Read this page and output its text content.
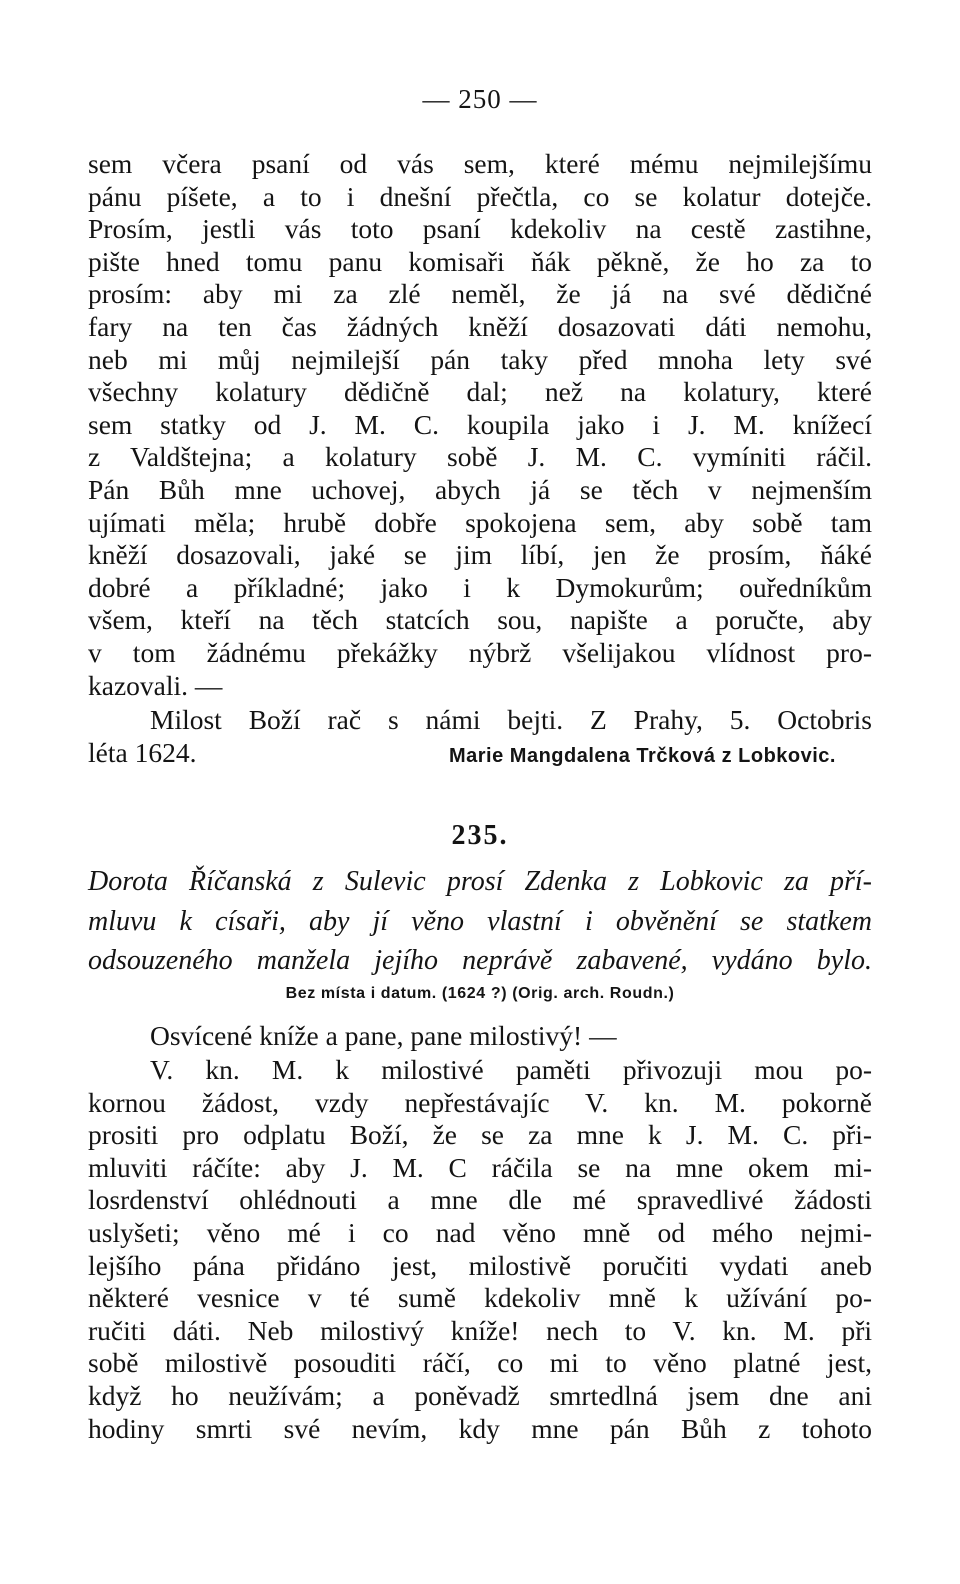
— 250 —
sem včera psaní od vás sem, které mému nejmilejšímu
pánu píšete, a to i dnešní přečtla, co se kolatur dotejče.
Prosím, jestli vás toto psaní kdekoliv na cestě zastihne,
pište hned tomu panu komisaři ňák pěkně, že ho za to
prosím: aby mi za zlé neměl, že já na své dědičné
fary na ten čas žádných kněží dosazovati dáti nemohu,
neb mi můj nejmilejší pán taky před mnoha lety své
všechny kolatury dědičně dal; než na kolatury, které
sem statky od J. M. C. koupila jako i J. M. knížecí
z Valdštejna; a kolatury sobě J. M. C. vymíniti ráčil.
Pán Bůh mne uchovej, abych já se těch v nejmenším
ujímati měla; hrubě dobře spokojena sem, aby sobě tam
kněží dosazovali, jaké se jim líbí, jen že prosím, ňáké
dobré a příkladné; jako i k Dymokurům; ouředníkům
všem, kteří na těch statcích sou, napište a poručte, aby
v tom žádnému překážky nýbrž všelijakou vlídnost pro-
kazovali. —
Milost Boží rač s námi bejti. Z Prahy, 5. Octobris
léta 1624.	Marie Mangdalena Trčková z Lobkovic.
235.
Dorota Říčanská z Sulevic prosí Zdenka z Lobkovic za pří-
mluvu k císaři, aby jí věno vlastní i obvěnění se statkem
odsouzeného manžela jejího neprávě zabavené, vydáno bylo.
Bez místa i datum. (1624 ?) (Orig. arch. Roudn.)
Osvícené kníže a pane, pane milostivý! —
V. kn. M. k milostivé paměti přivozuji mou po-
kornou žádost, vzdy nepřestávajíc V. kn. M. pokorně
prositi pro odplatu Boží, že se za mne k J. M. C. při-
mluviti ráčíte: aby J. M. C ráčila se na mne okem mi-
losrdenství ohlédnouti a mne dle mé spravedlivé žádosti
uslyšeti; věno mé i co nad věno mně od mého nejmi-
lejšího pána přidáno jest, milostivě poručiti vydati aneb
některé vesnice v té sumě kdekoliv mně k užívání po-
ručiti dáti. Neb milostivý kníže! nech to V. kn. M. při
sobě milostivě posouditi ráčí, co mi to věno platné jest,
když ho neužívám; a poněvadž smrtedlná jsem dne ani
hodiny smrti své nevím, kdy mne pán Bůh z tohoto
